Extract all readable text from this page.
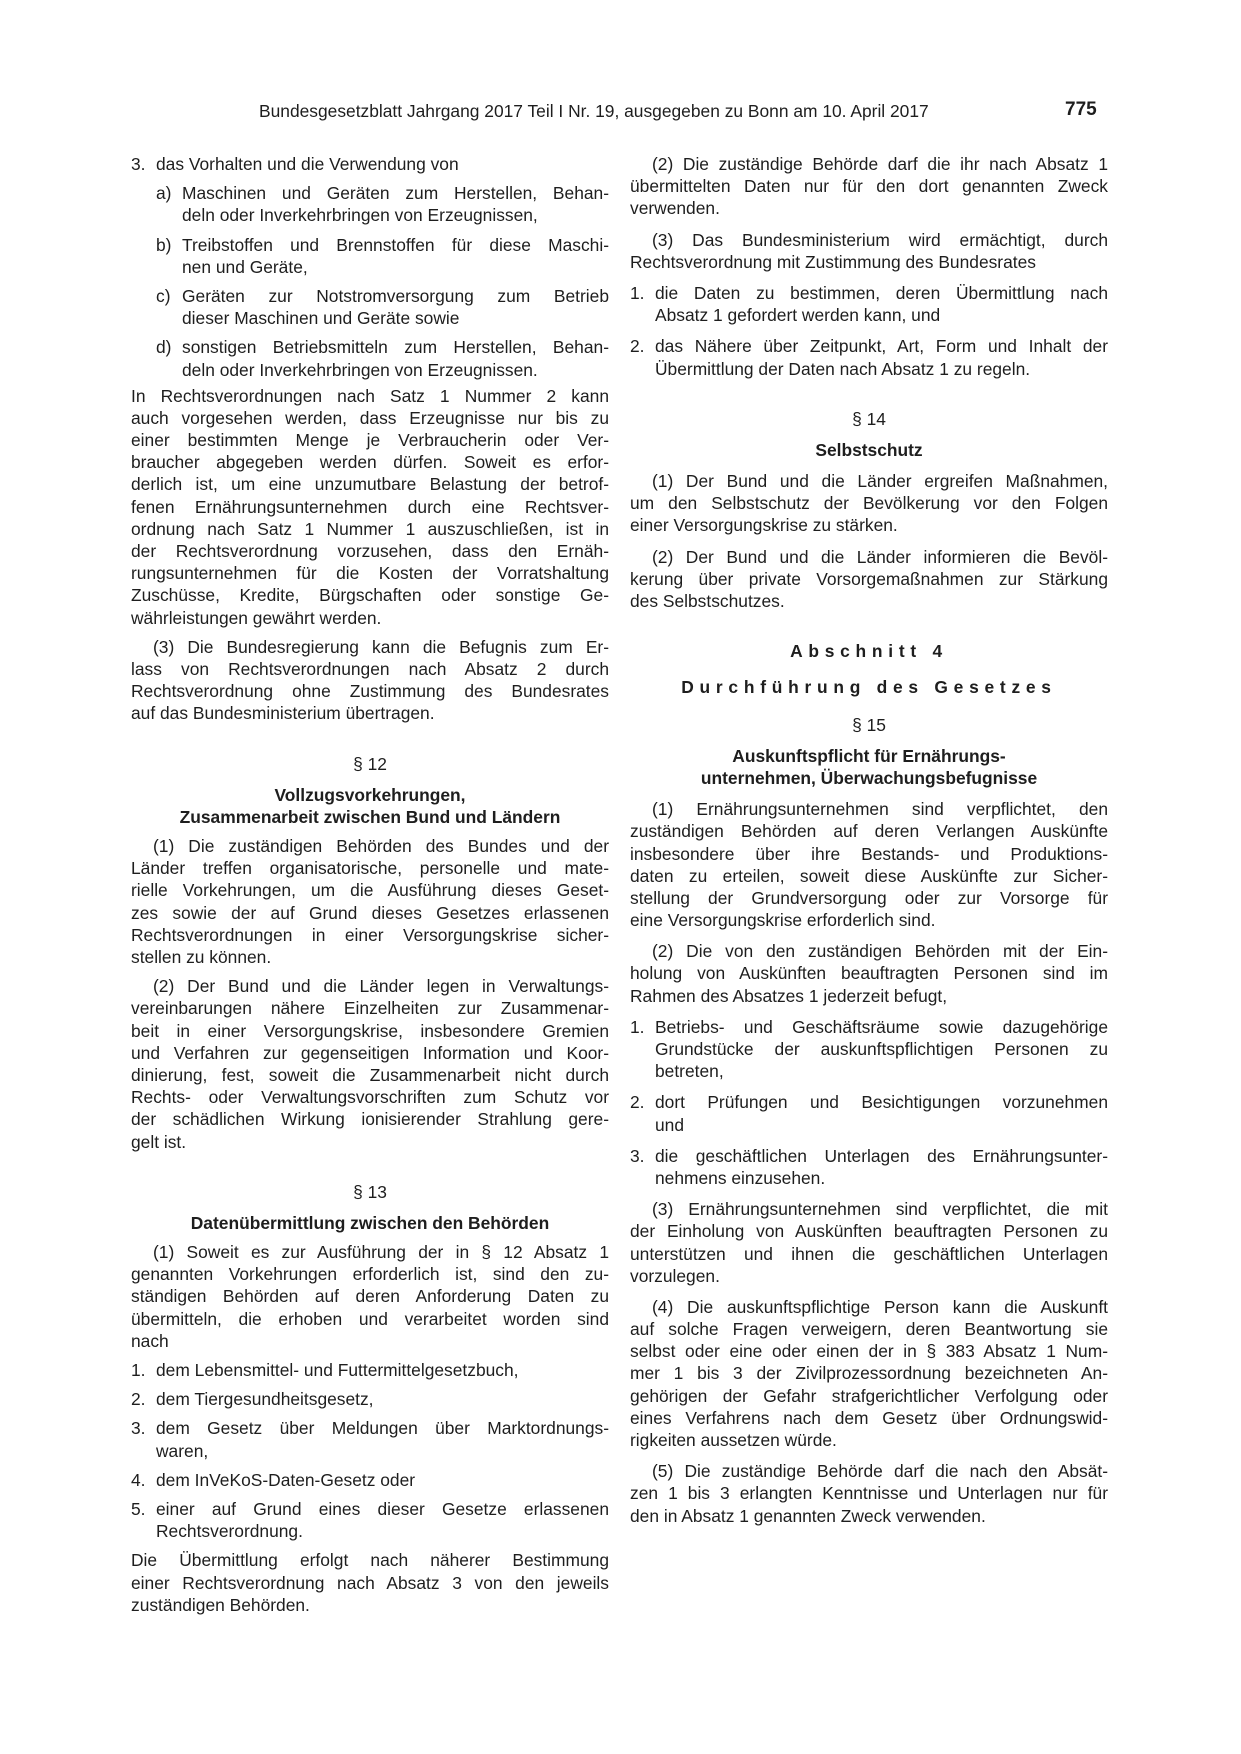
Bundesgesetzblatt Jahrgang 2017 Teil I Nr. 19, ausgegeben zu Bonn am 10. April 2017	775
3. das Vorhalten und die Verwendung von
a) Maschinen und Geräten zum Herstellen, Behan-
deln oder Inverkehrbringen von Erzeugnissen,
b) Treibstoffen und Brennstoffen für diese Maschi-
nen und Geräte,
c) Geräten zur Notstromversorgung zum Betrieb
dieser Maschinen und Geräte sowie
d) sonstigen Betriebsmitteln zum Herstellen, Behan-
deln oder Inverkehrbringen von Erzeugnissen.
In Rechtsverordnungen nach Satz 1 Nummer 2 kann
auch vorgesehen werden, dass Erzeugnisse nur bis zu
einer bestimmten Menge je Verbraucherin oder Ver-
braucher abgegeben werden dürfen. Soweit es erfor-
derlich ist, um eine unzumutbare Belastung der betrof-
fenen Ernährungsunternehmen durch eine Rechtsver-
ordnung nach Satz 1 Nummer 1 auszuschließen, ist in
der Rechtsverordnung vorzusehen, dass den Ernäh-
rungsunternehmen für die Kosten der Vorratshaltung
Zuschüsse, Kredite, Bürgschaften oder sonstige Ge-
währleistungen gewährt werden.
(3) Die Bundesregierung kann die Befugnis zum Er-
lass von Rechtsverordnungen nach Absatz 2 durch
Rechtsverordnung ohne Zustimmung des Bundesrates
auf das Bundesministerium übertragen.
§ 12
Vollzugsvorkehrungen,
Zusammenarbeit zwischen Bund und Ländern
(1) Die zuständigen Behörden des Bundes und der
Länder treffen organisatorische, personelle und mate-
rielle Vorkehrungen, um die Ausführung dieses Geset-
zes sowie der auf Grund dieses Gesetzes erlassenen
Rechtsverordnungen in einer Versorgungskrise sicher-
stellen zu können.
(2) Der Bund und die Länder legen in Verwaltungs-
vereinbarungen nähere Einzelheiten zur Zusammenar-
beit in einer Versorgungskrise, insbesondere Gremien
und Verfahren zur gegenseitigen Information und Koor-
dinierung, fest, soweit die Zusammenarbeit nicht durch
Rechts- oder Verwaltungsvorschriften zum Schutz vor
der schädlichen Wirkung ionisierender Strahlung gere-
gelt ist.
§ 13
Datenübermittlung zwischen den Behörden
(1) Soweit es zur Ausführung der in § 12 Absatz 1
genannten Vorkehrungen erforderlich ist, sind den zu-
ständigen Behörden auf deren Anforderung Daten zu
übermitteln, die erhoben und verarbeitet worden sind
nach
1. dem Lebensmittel- und Futtermittelgesetzbuch,
2. dem Tiergesundheitsgesetz,
3. dem Gesetz über Meldungen über Marktordnungs-
waren,
4. dem InVeKoS-Daten-Gesetz oder
5. einer auf Grund eines dieser Gesetze erlassenen
Rechtsverordnung.
Die Übermittlung erfolgt nach näherer Bestimmung
einer Rechtsverordnung nach Absatz 3 von den jeweils
zuständigen Behörden.
(2) Die zuständige Behörde darf die ihr nach Absatz 1
übermittelten Daten nur für den dort genannten Zweck
verwenden.
(3) Das Bundesministerium wird ermächtigt, durch
Rechtsverordnung mit Zustimmung des Bundesrates
1. die Daten zu bestimmen, deren Übermittlung nach
Absatz 1 gefordert werden kann, und
2. das Nähere über Zeitpunkt, Art, Form und Inhalt der
Übermittlung der Daten nach Absatz 1 zu regeln.
§ 14
Selbstschutz
(1) Der Bund und die Länder ergreifen Maßnahmen,
um den Selbstschutz der Bevölkerung vor den Folgen
einer Versorgungskrise zu stärken.
(2) Der Bund und die Länder informieren die Bevöl-
kerung über private Vorsorgemaßnahmen zur Stärkung
des Selbstschutzes.
Abschnitt 4
Durchführung des Gesetzes
§ 15
Auskunftspflicht für Ernährungs-
unternehmen, Überwachungsbefugnisse
(1) Ernährungsunternehmen sind verpflichtet, den
zuständigen Behörden auf deren Verlangen Auskünfte
insbesondere über ihre Bestands- und Produktions-
daten zu erteilen, soweit diese Auskünfte zur Sicher-
stellung der Grundversorgung oder zur Vorsorge für
eine Versorgungskrise erforderlich sind.
(2) Die von den zuständigen Behörden mit der Ein-
holung von Auskünften beauftragten Personen sind im
Rahmen des Absatzes 1 jederzeit befugt,
1. Betriebs- und Geschäftsräume sowie dazugehörige
Grundstücke der auskunftspflichtigen Personen zu
betreten,
2. dort Prüfungen und Besichtigungen vorzunehmen
und
3. die geschäftlichen Unterlagen des Ernährungsunter-
nehmens einzusehen.
(3) Ernährungsunternehmen sind verpflichtet, die mit
der Einholung von Auskünften beauftragten Personen zu
unterstützen und ihnen die geschäftlichen Unterlagen
vorzulegen.
(4) Die auskunftspflichtige Person kann die Auskunft
auf solche Fragen verweigern, deren Beantwortung sie
selbst oder eine oder einen der in § 383 Absatz 1 Num-
mer 1 bis 3 der Zivilprozessordnung bezeichneten An-
gehörigen der Gefahr strafgerichtlicher Verfolgung oder
eines Verfahrens nach dem Gesetz über Ordnungswid-
rigkeiten aussetzen würde.
(5) Die zuständige Behörde darf die nach den Absät-
zen 1 bis 3 erlangten Kenntnisse und Unterlagen nur für
den in Absatz 1 genannten Zweck verwenden.
